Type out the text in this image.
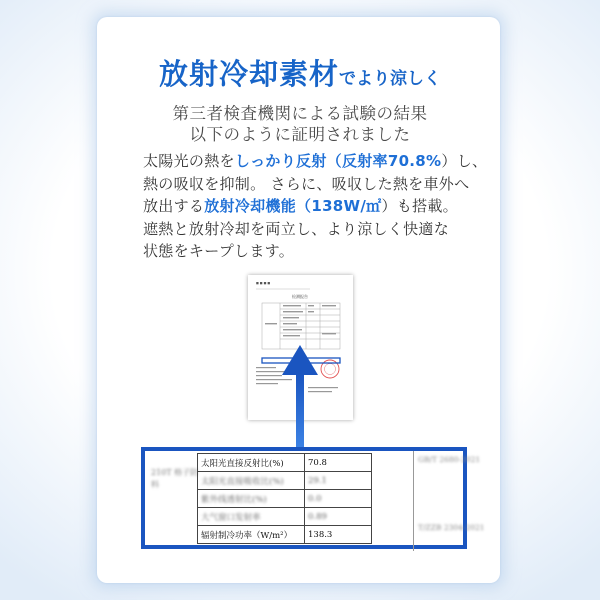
放射冷却素材でより涼しく
第三者検査機関による試験の結果
以下のように証明されました
太陽光の熱をしっかり反射（反射率70.8%）し、
熱の吸収を抑制。 さらに、吸収した熱を車外へ
放出する放射冷却機能（138W/㎡）も搭載。
遮熱と放射冷却を両立し、より涼しく快適な
状態をキープします。
■ ■ ■ ■
检测报告
210T 格子防
料
太阳光直接反射比(%)	70.8
太阳光直接吸收比(%)	29.1
紫外线透射比(%)	0.0
大气窗口发射率	0.89
辐射制冷功率（W/m²）	138.3
GB/T 2680-2021
T/ZZB 2304-2021
